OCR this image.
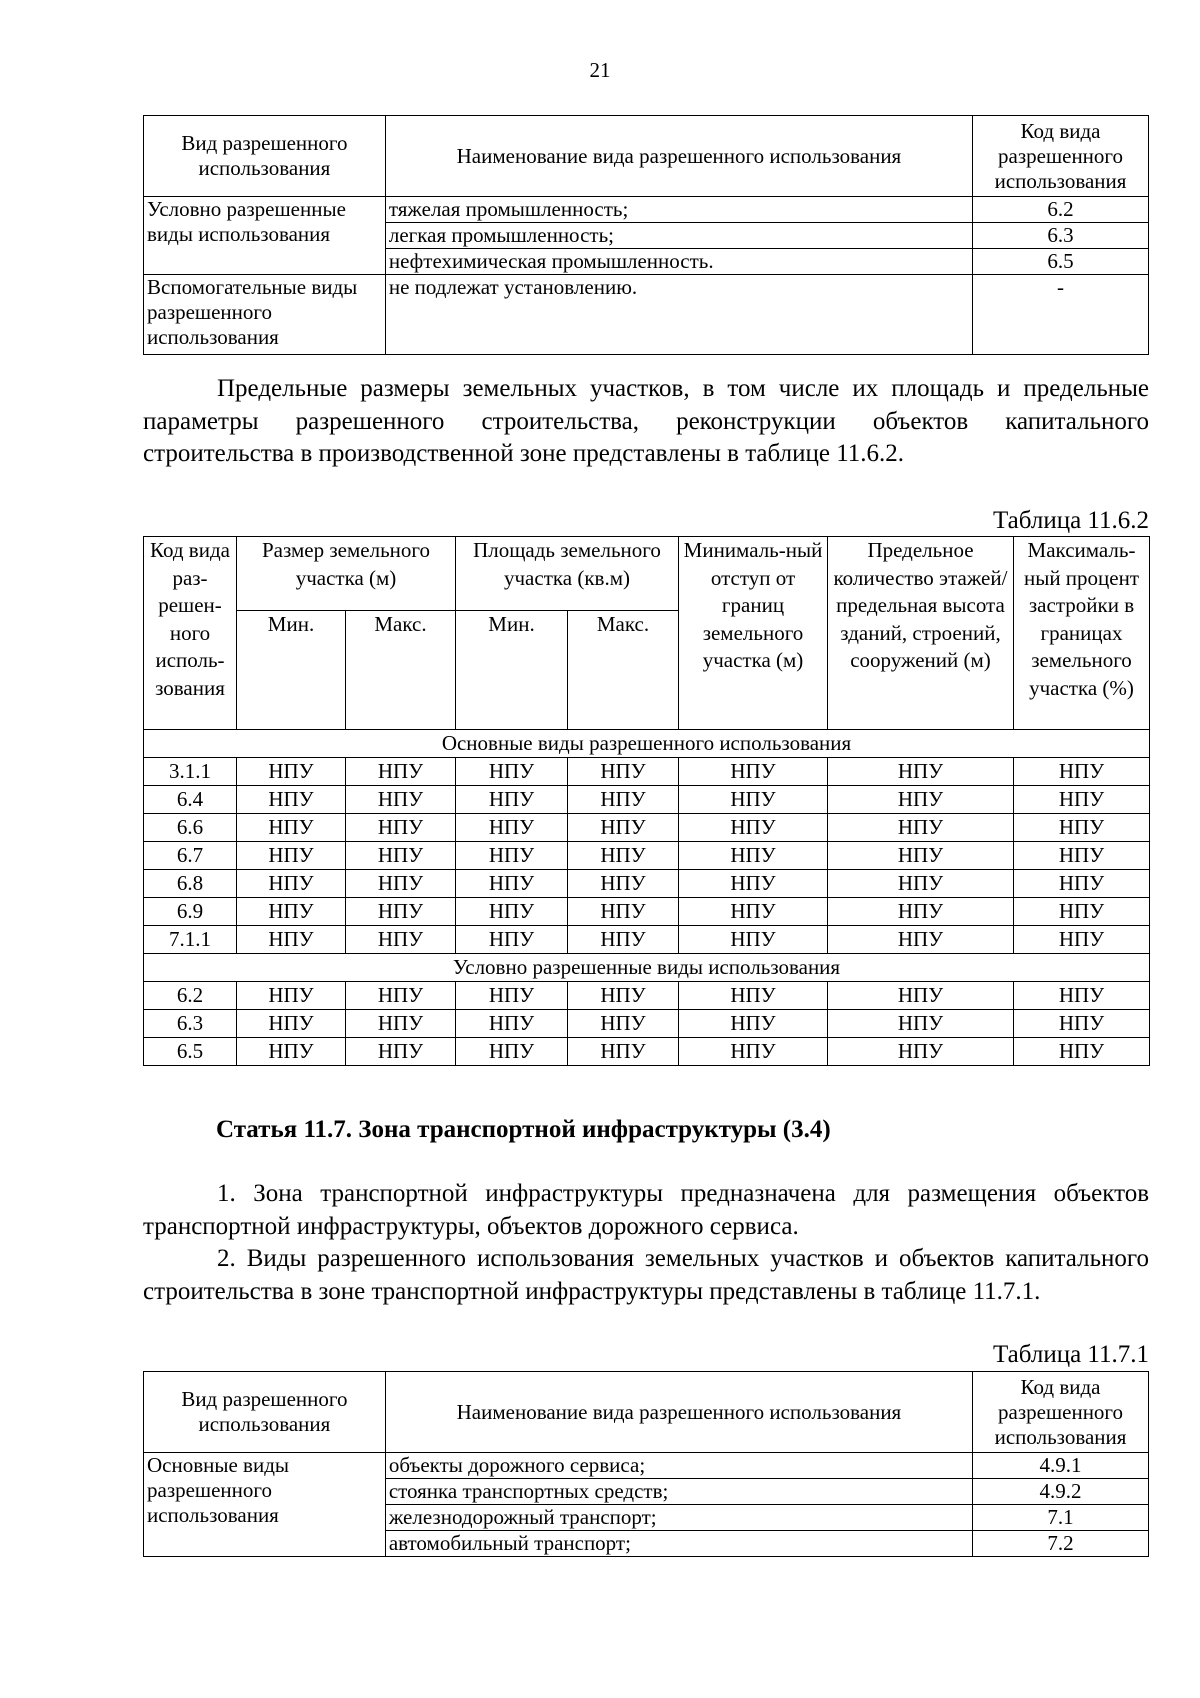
21
Вид разрешенного использования	Наименование вида разрешенного использования	Код вида разрешенного использования
Условно разрешенные виды использования	тяжелая промышленность;	6.2
	легкая промышленность;	6.3
	нефтехимическая промышленность.	6.5
Вспомогательные виды разрешенного использования	не подлежат установлению.	-

Предельные размеры земельных участков, в том числе их площадь и предельные параметры разрешенного строительства, реконструкции объектов капитального строительства в производственной зоне представлены в таблице 11.6.2.

Таблица 11.6.2
Код вида раз-решен-ного исполь-зования	Размер земельного участка (м)		Площадь земельного участка (кв.м)		Минималь-ный отступ от границ земельного участка (м)	Предельное количество этажей/ предельная высота зданий, строений, сооружений (м)	Максималь-ный процент застройки в границах земельного участка (%)
	Мин.	Макс.	Мин.	Макс.			
Основные виды разрешенного использования							
3.1.1	НПУ	НПУ	НПУ	НПУ	НПУ	НПУ	НПУ
6.4	НПУ	НПУ	НПУ	НПУ	НПУ	НПУ	НПУ
6.6	НПУ	НПУ	НПУ	НПУ	НПУ	НПУ	НПУ
6.7	НПУ	НПУ	НПУ	НПУ	НПУ	НПУ	НПУ
6.8	НПУ	НПУ	НПУ	НПУ	НПУ	НПУ	НПУ
6.9	НПУ	НПУ	НПУ	НПУ	НПУ	НПУ	НПУ
7.1.1	НПУ	НПУ	НПУ	НПУ	НПУ	НПУ	НПУ
Условно разрешенные виды использования							
6.2	НПУ	НПУ	НПУ	НПУ	НПУ	НПУ	НПУ
6.3	НПУ	НПУ	НПУ	НПУ	НПУ	НПУ	НПУ
6.5	НПУ	НПУ	НПУ	НПУ	НПУ	НПУ	НПУ
Статья 11.7. Зона транспортной инфраструктуры (3.4)

1. Зона транспортной инфраструктуры предназначена для размещения объектов транспортной инфраструктуры, объектов дорожного сервиса.

2. Виды разрешенного использования земельных участков и объектов капитального строительства в зоне транспортной инфраструктуры представлены в таблице 11.7.1.

Таблица 11.7.1
Вид разрешенного использования	Наименование вида разрешенного использования	Код вида разрешенного использования
Основные виды разрешенного использования	объекты дорожного сервиса;	4.9.1
	стоянка транспортных средств;	4.9.2
	железнодорожный транспорт;	7.1
	автомобильный транспорт;	7.2
